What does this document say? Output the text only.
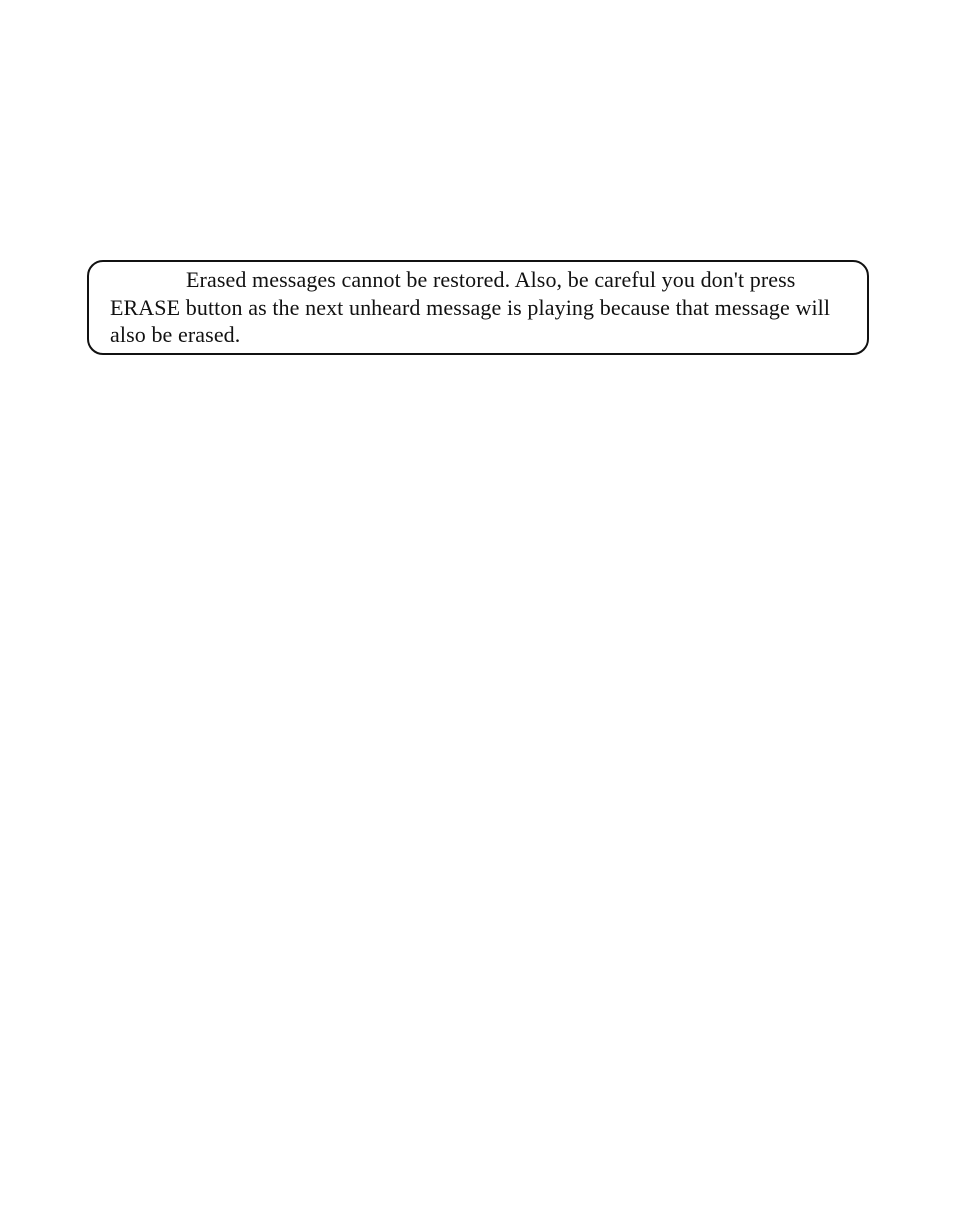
Erased messages cannot be restored. Also, be careful you don't press ERASE button as the next unheard message is playing because that message will also be erased.
